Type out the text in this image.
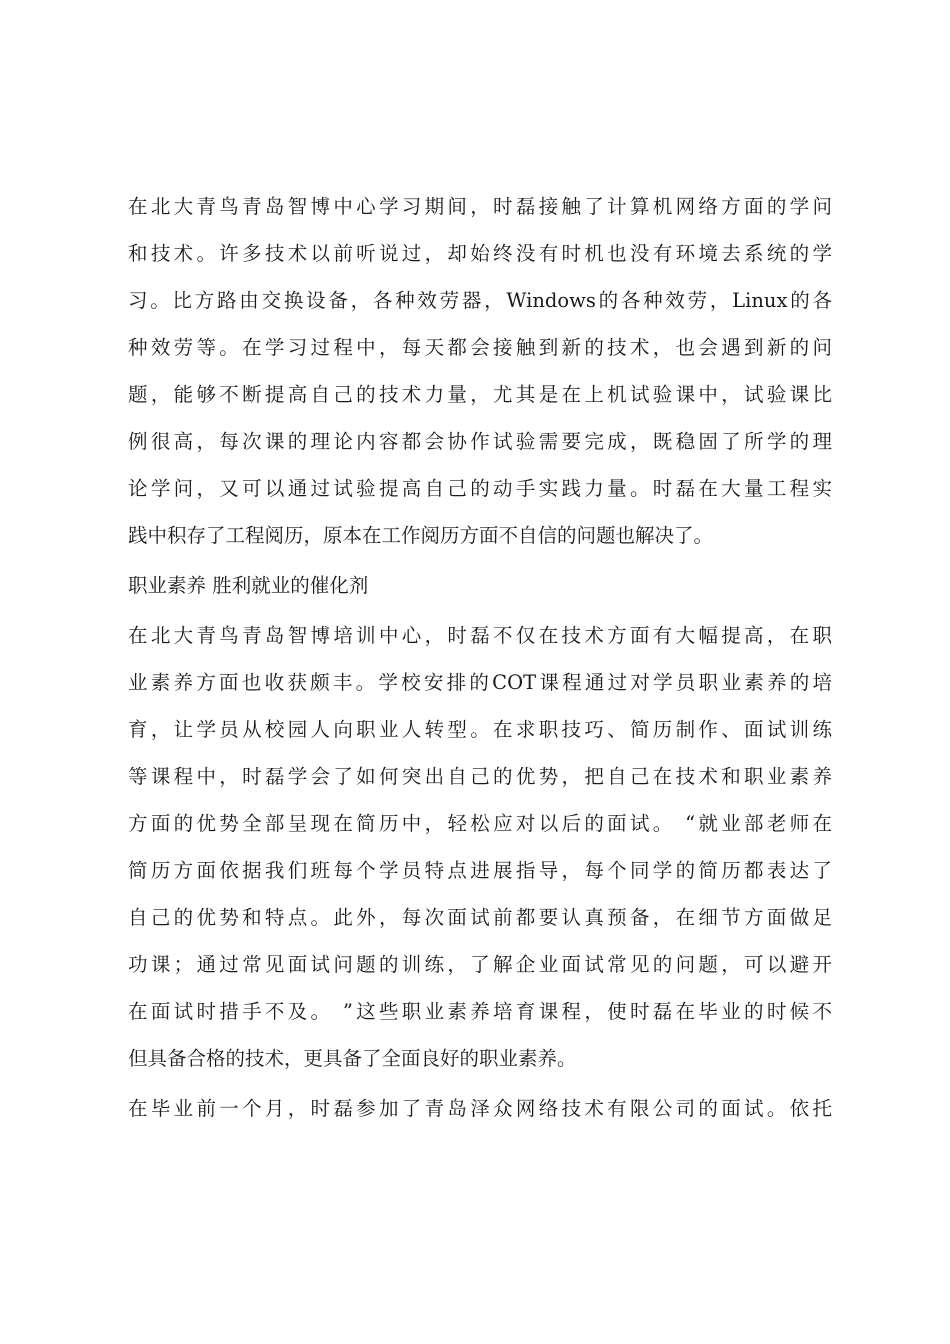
在北大青鸟青岛智博中心学习期间，时磊接触了计算机网络方面的学问
和技术。许多技术以前听说过，却始终没有时机也没有环境去系统的学
习。比方路由交换设备，各种效劳器，Windows的各种效劳，Linux的各
种效劳等。在学习过程中，每天都会接触到新的技术，也会遇到新的问
题，能够不断提高自己的技术力量，尤其是在上机试验课中，试验课比
例很高，每次课的理论内容都会协作试验需要完成，既稳固了所学的理
论学问，又可以通过试验提高自己的动手实践力量。时磊在大量工程实
践中积存了工程阅历，原本在工作阅历方面不自信的问题也解决了。
职业素养 胜利就业的催化剂
在北大青鸟青岛智博培训中心，时磊不仅在技术方面有大幅提高，在职
业素养方面也收获颇丰。学校安排的COT课程通过对学员职业素养的培
育，让学员从校园人向职业人转型。在求职技巧、简历制作、面试训练
等课程中，时磊学会了如何突出自己的优势，把自己在技术和职业素养
方面的优势全部呈现在简历中，轻松应对以后的面试。 “就业部老师在
简历方面依据我们班每个学员特点进展指导，每个同学的简历都表达了
自己的优势和特点。此外，每次面试前都要认真预备，在细节方面做足
功课；通过常见面试问题的训练，了解企业面试常见的问题，可以避开
在面试时措手不及。 ”这些职业素养培育课程，使时磊在毕业的时候不
但具备合格的技术，更具备了全面良好的职业素养。
在毕业前一个月，时磊参加了青岛泽众网络技术有限公司的面试。依托
